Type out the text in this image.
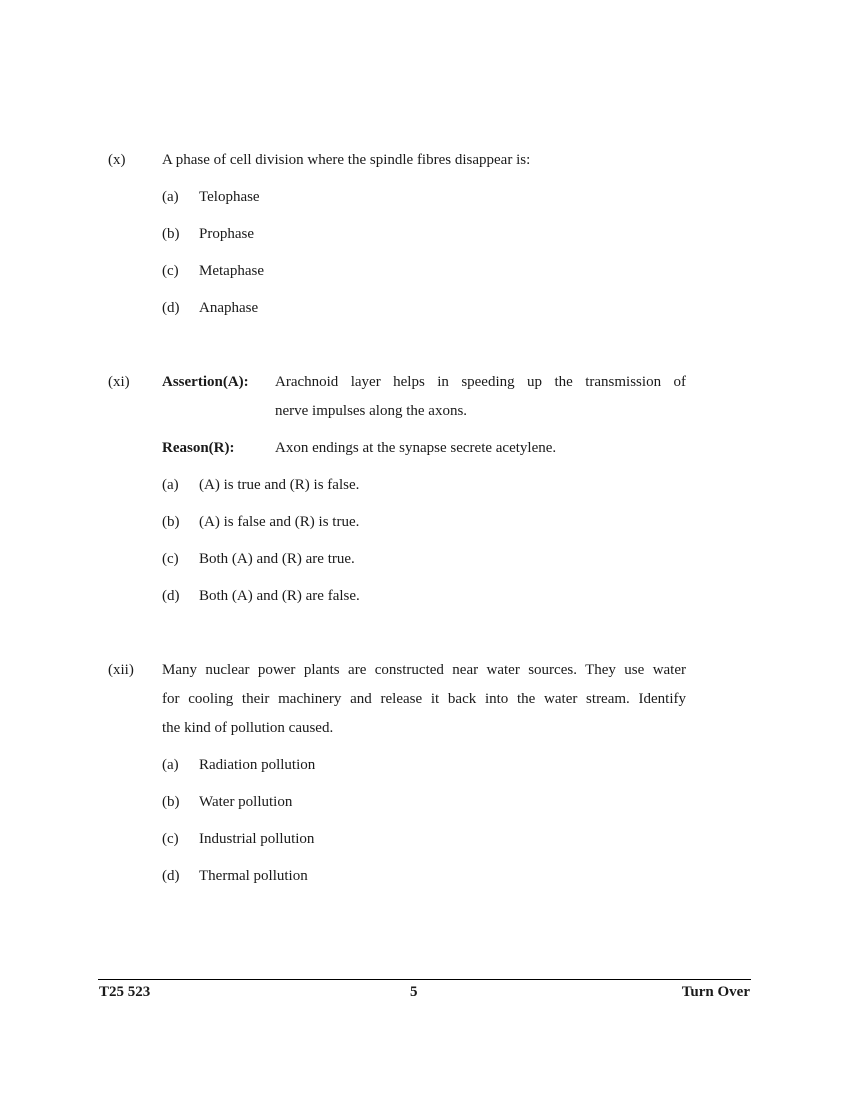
(x) A phase of cell division where the spindle fibres disappear is:
(a) Telophase
(b) Prophase
(c) Metaphase
(d) Anaphase
(xi) Assertion(A): Arachnoid layer helps in speeding up the transmission of
nerve impulses along the axons.
Reason(R):	Axon endings at the synapse secrete acetylene.
(a) (A) is true and (R) is false.
(b) (A) is false and (R) is true.
(c) Both (A) and (R) are true.
(d) Both (A) and (R) are false.
(xii) Many nuclear power plants are constructed near water sources. They use water
for cooling their machinery and release it back into the water stream. Identify
the kind of pollution caused.
(a) Radiation pollution
(b) Water pollution
(c) Industrial pollution
(d) Thermal pollution
T25 523	5	Turn Over
